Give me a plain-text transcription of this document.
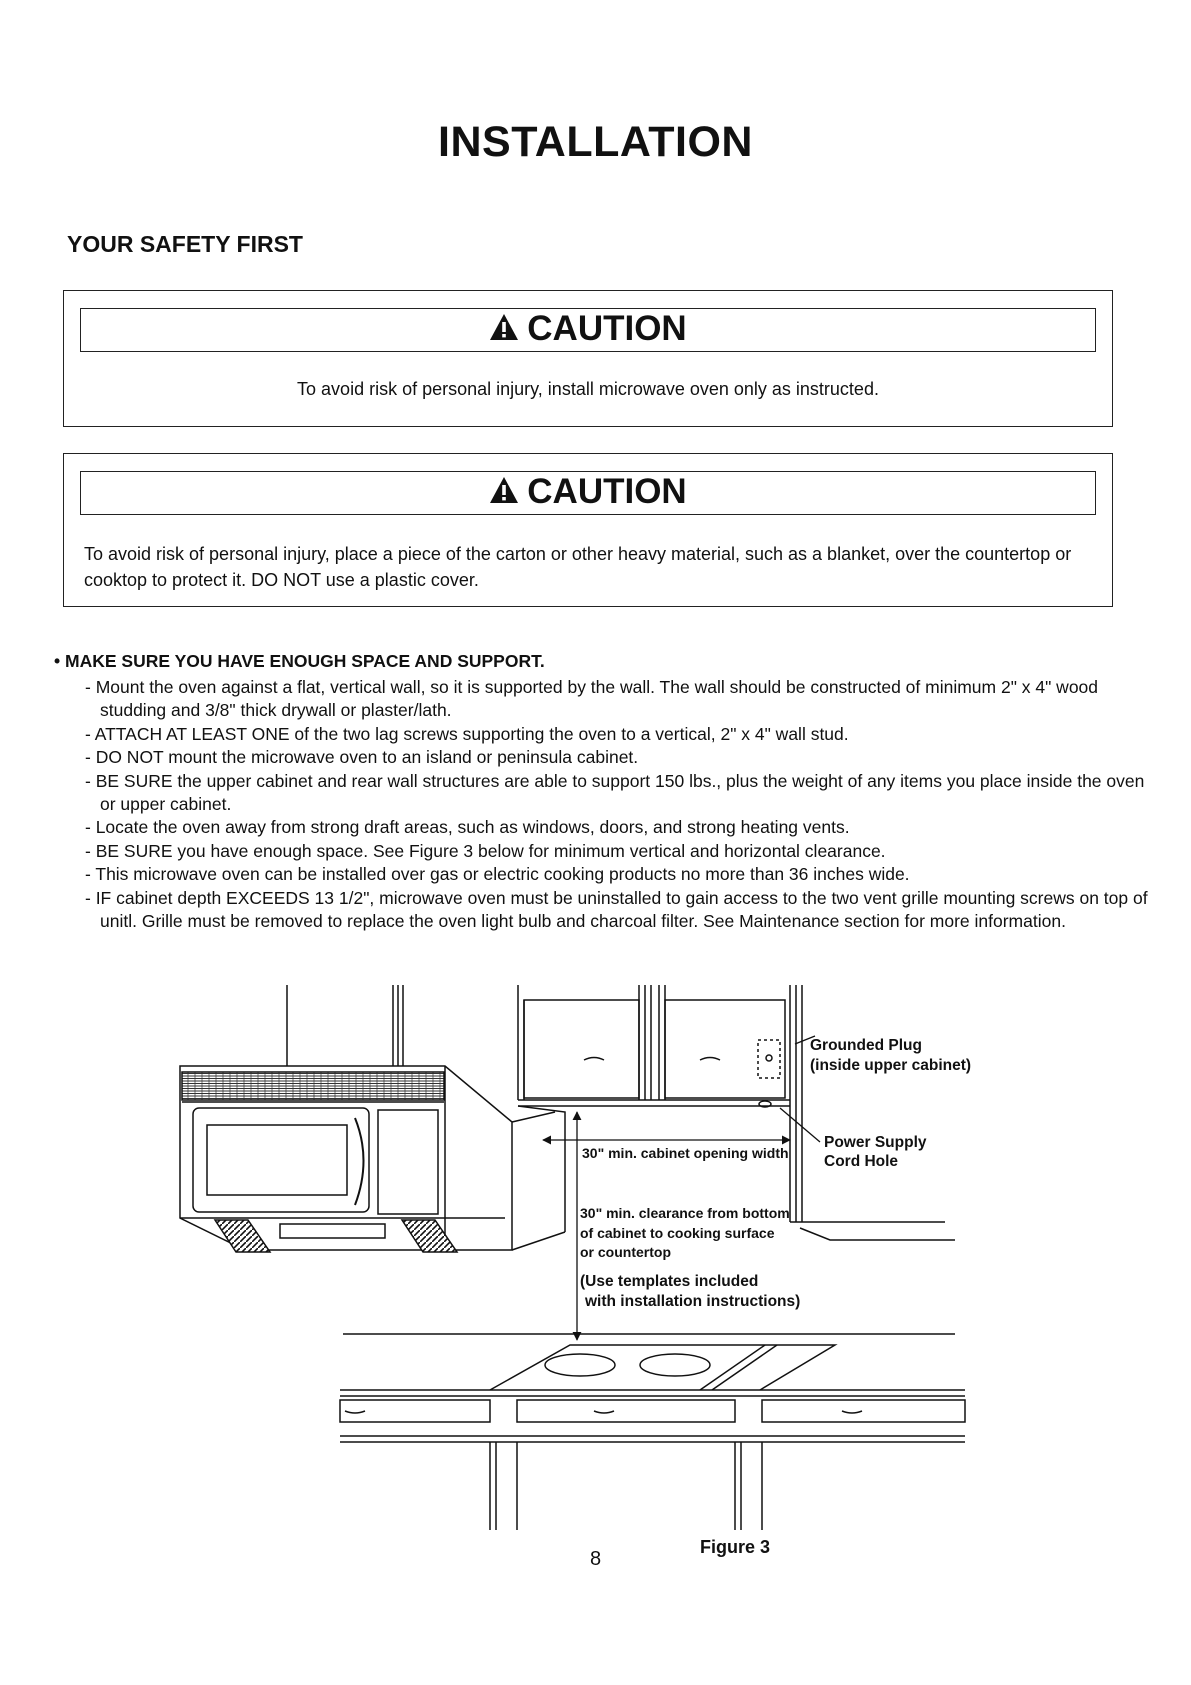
INSTALLATION
YOUR SAFETY FIRST
CAUTION
To avoid risk of personal injury, install microwave oven only as instructed.
CAUTION
To avoid risk of personal injury, place a piece of the carton or other heavy material, such as a blanket, over the countertop or cooktop to protect it. DO NOT use a plastic cover.
• MAKE SURE YOU HAVE ENOUGH SPACE AND SUPPORT.
- Mount the oven against a flat, vertical wall, so it is supported by the wall. The wall should be constructed of minimum 2" x 4" wood studding and 3/8" thick drywall or plaster/lath.
- ATTACH AT LEAST ONE of the two lag screws supporting the oven to a vertical, 2" x 4" wall stud.
- DO NOT mount the microwave oven to an island or peninsula cabinet.
- BE SURE the upper cabinet and rear wall structures are able to support 150 lbs., plus the weight of any items you place inside the oven or upper cabinet.
- Locate the oven away from strong draft areas, such as windows, doors, and strong heating vents.
- BE SURE you have enough space. See Figure 3 below for minimum vertical and horizontal clearance.
- This microwave oven can be installed over gas or electric cooking products no more than 36 inches wide.
- IF cabinet depth EXCEEDS 13 1/2", microwave oven must be uninstalled to gain access to the two vent grille mounting screws on top of unitl. Grille must be removed to replace the oven light bulb and charcoal filter. See Maintenance section for more information.
Grounded Plug
(inside upper cabinet)
Power Supply
Cord Hole
30" min. cabinet opening width
30" min. clearance from bottom
of cabinet to cooking surface
or countertop
(Use templates included
with installation instructions)
Figure 3
8
